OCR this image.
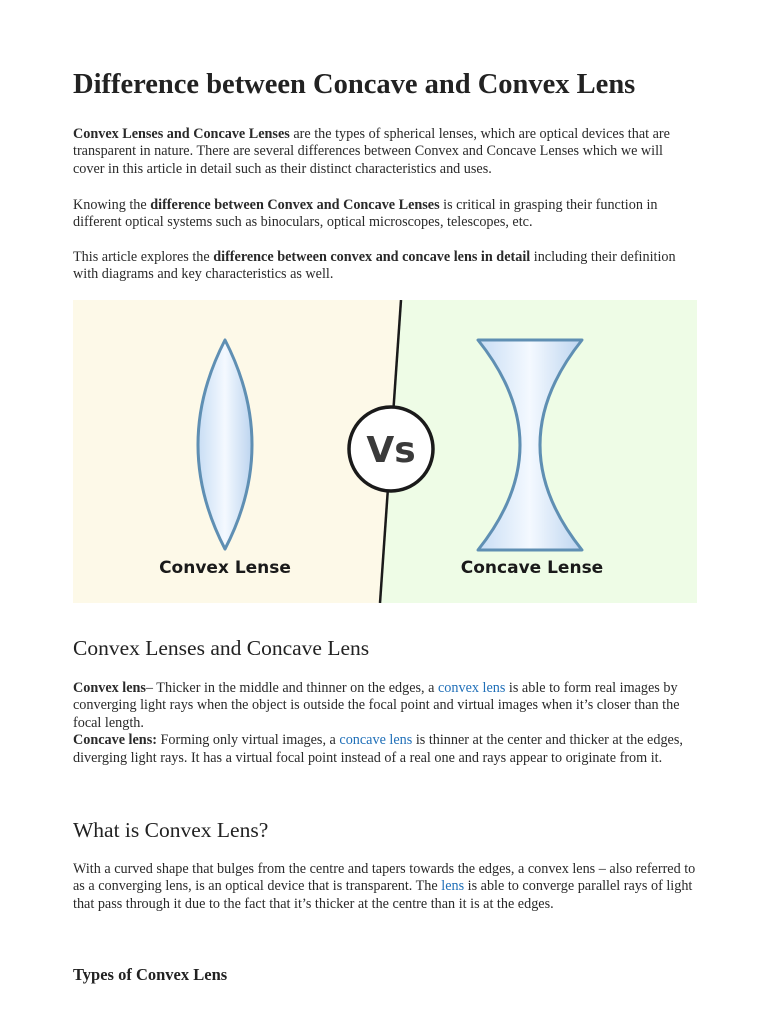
Difference between Concave and Convex Lens

Convex Lenses and Concave Lenses are the types of spherical lenses, which are optical devices that are transparent in nature. There are several differences between Convex and Concave Lenses which we will cover in this article in detail such as their distinct characteristics and uses.

Knowing the difference between Convex and Concave Lenses is critical in grasping their function in different optical systems such as binoculars, optical microscopes, telescopes, etc.

This article explores the difference between convex and concave lens in detail including their definition with diagrams and key characteristics as well.

Vs
Convex Lense	Concave Lense
Convex Lenses and Concave Lens

Convex lens– Thicker in the middle and thinner on the edges, a convex lens is able to form real images by converging light rays when the object is outside the focal point and virtual images when it’s closer than the focal length.
Concave lens: Forming only virtual images, a concave lens is thinner at the center and thicker at the edges, diverging light rays. It has a virtual focal point instead of a real one and rays appear to originate from it.

What is Convex Lens?

With a curved shape that bulges from the centre and tapers towards the edges, a convex lens – also referred to as a converging lens, is an optical device that is transparent. The lens is able to converge parallel rays of light that pass through it due to the fact that it’s thicker at the centre than it is at the edges.

Types of Convex Lens
